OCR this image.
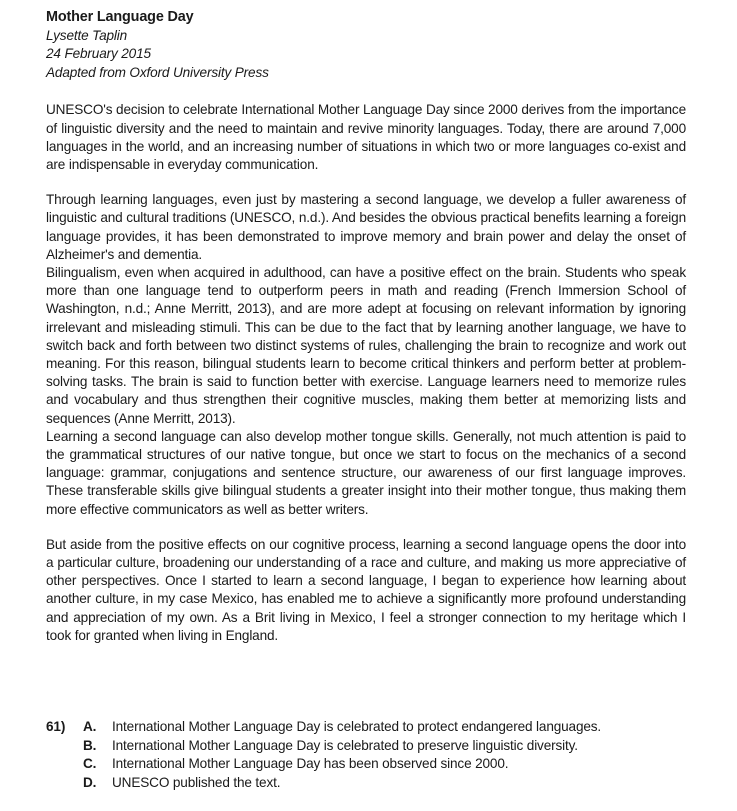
Mother Language Day
Lysette Taplin
24 February 2015
Adapted from Oxford University Press

UNESCO's decision to celebrate International Mother Language Day since 2000 derives from the importance of linguistic diversity and the need to maintain and revive minority languages. Today, there are around 7,000 languages in the world, and an increasing number of situations in which two or more languages co-exist and are indispensable in everyday communication.

Through learning languages, even just by mastering a second language, we develop a fuller awareness of linguistic and cultural traditions (UNESCO, n.d.). And besides the obvious practical benefits learning a foreign language provides, it has been demonstrated to improve memory and brain power and delay the onset of Alzheimer's and dementia.

Bilingualism, even when acquired in adulthood, can have a positive effect on the brain. Students who speak more than one language tend to outperform peers in math and reading (French Immersion School of Washington, n.d.; Anne Merritt, 2013), and are more adept at focusing on relevant information by ignoring irrelevant and misleading stimuli. This can be due to the fact that by learning another language, we have to switch back and forth between two distinct systems of rules, challenging the brain to recognize and work out meaning. For this reason, bilingual students learn to become critical thinkers and perform better at problem-solving tasks. The brain is said to function better with exercise. Language learners need to memorize rules and vocabulary and thus strengthen their cognitive muscles, making them better at memorizing lists and sequences (Anne Merritt, 2013).

Learning a second language can also develop mother tongue skills. Generally, not much attention is paid to the grammatical structures of our native tongue, but once we start to focus on the mechanics of a second language: grammar, conjugations and sentence structure, our awareness of our first language improves. These transferable skills give bilingual students a greater insight into their mother tongue, thus making them more effective communicators as well as better writers.

But aside from the positive effects on our cognitive process, learning a second language opens the door into a particular culture, broadening our understanding of a race and culture, and making us more appreciative of other perspectives. Once I started to learn a second language, I began to experience how learning about another culture, in my case Mexico, has enabled me to achieve a significantly more profound understanding and appreciation of my own. As a Brit living in Mexico, I feel a stronger connection to my heritage which I took for granted when living in England.

61)	A.	International Mother Language Day is celebrated to protect endangered languages.
B.	International Mother Language Day is celebrated to preserve linguistic diversity.
C.	International Mother Language Day has been observed since 2000.
D.	UNESCO published the text.
